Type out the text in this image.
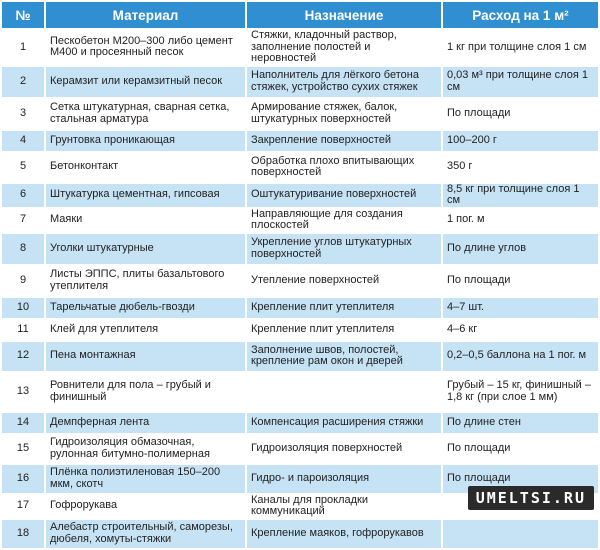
№	Материал	Назначение	Расход на 1 м²
1	Пескобетон М200–300 либо цемент М400 и просеянный песок	Стяжки, кладочный раствор, заполнение полостей и неровностей	1 кг при толщине слоя 1 см
2	Керамзит или керамзитный песок	Наполнитель для лёгкого бетона стяжек, устройство сухих стяжек	0,03 м³ при толщине слоя 1 см
3	Сетка штукатурная, сварная сетка, стальная арматура	Армирование стяжек, балок, штукатурных поверхностей	По площади
4	Грунтовка проникающая	Закрепление поверхностей	100–200 г
5	Бетонконтакт	Обработка плохо впитывающих поверхностей	350 г
6	Штукатурка цементная, гипсовая	Оштукатуривание поверхностей	8,5 кг при толщине слоя 1 см
7	Маяки	Направляющие для создания плоскостей	1 пог. м
8	Уголки штукатурные	Укрепление углов штукатурных поверхностей	По длине углов
9	Листы ЭППС, плиты базальтового утеплителя	Утепление поверхностей	По площади
10	Тарельчатые дюбель-гвозди	Крепление плит утеплителя	4–7 шт.
11	Клей для утеплителя	Крепление плит утеплителя	4–6 кг
12	Пена монтажная	Заполнение швов, полостей, крепление рам окон и дверей	0,2–0,5 баллона на 1 пог. м
13	Ровнители для пола – грубый и финишный		Грубый – 15 кг, финишный – 1,8 кг (при слое 1 мм)
14	Демпферная лента	Компенсация расширения стяжки	По длине стен
15	Гидроизоляция обмазочная, рулонная битумно-полимерная	Гидроизоляция поверхностей	По площади
16	Плёнка полиэтиленовая 150–200 мкм, скотч	Гидро- и пароизоляция	По площади
17	Гофрорукава	Каналы для прокладки коммуникаций	
18	Алебастр строительный, саморезы, дюбеля, хомуты-стяжки	Крепление маяков, гофрорукавов	
UMELTSI.RU
